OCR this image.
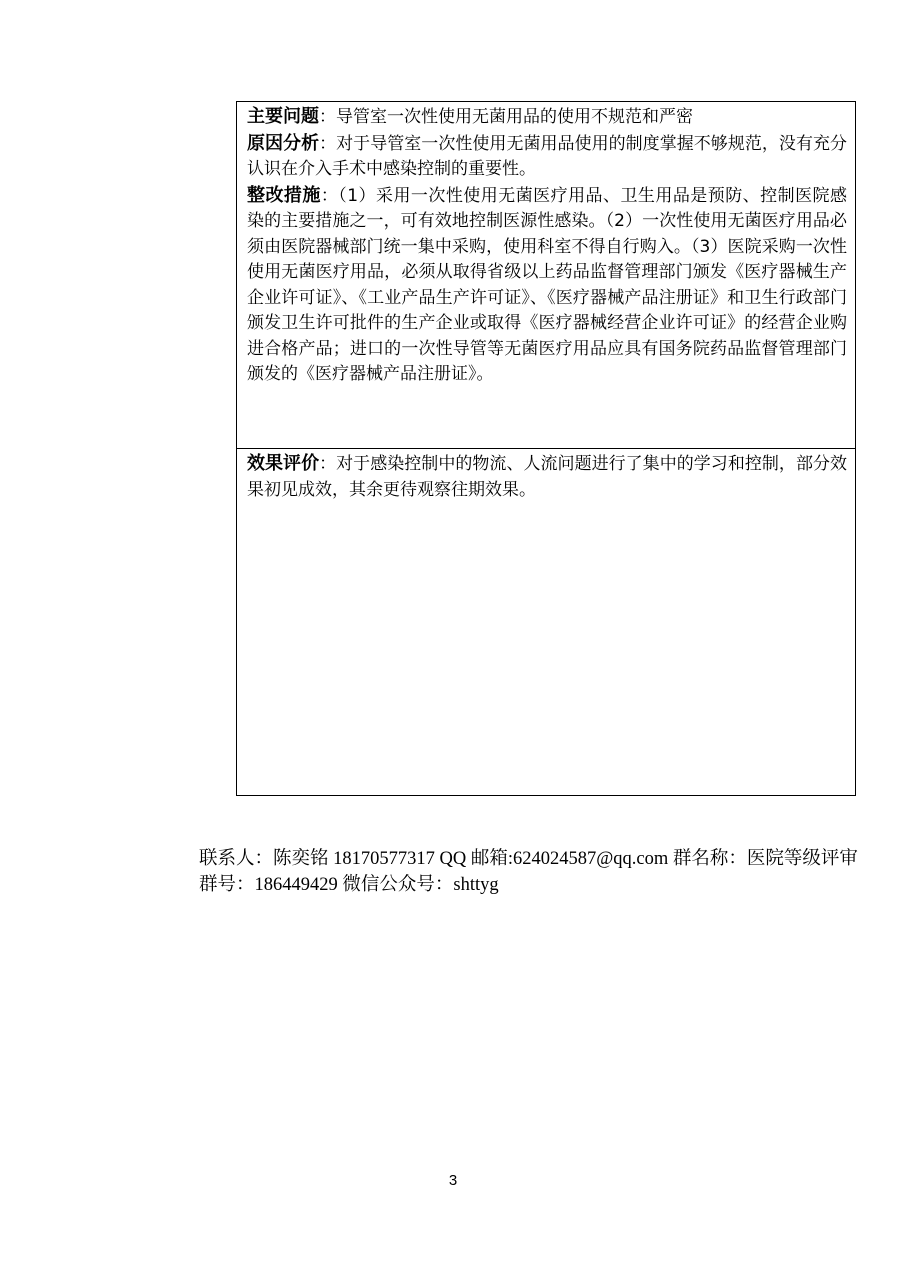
主要问题：导管室一次性使用无菌用品的使用不规范和严密

原因分析：对于导管室一次性使用无菌用品使用的制度掌握不够规范，没有充分认识在介入手术中感染控制的重要性。

整改措施：（1）采用一次性使用无菌医疗用品、卫生用品是预防、控制医院感染的主要措施之一，可有效地控制医源性感染。（2）一次性使用无菌医疗用品必须由医院器械部门统一集中采购，使用科室不得自行购入。（3）医院采购一次性使用无菌医疗用品，必须从取得省级以上药品监督管理部门颁发《医疗器械生产企业许可证》、《工业产品生产许可证》、《医疗器械产品注册证》和卫生行政部门颁发卫生许可批件的生产企业或取得《医疗器械经营企业许可证》的经营企业购进合格产品；进口的一次性导管等无菌医疗用品应具有国务院药品监督管理部门颁发的《医疗器械产品注册证》。

效果评价：对于感染控制中的物流、人流问题进行了集中的学习和控制，部分效果初见成效，其余更待观察往期效果。

联系人：陈奕铭 18170577317 QQ 邮箱:624024587@qq.com 群名称：医院等级评审 群号：186449429 微信公众号：shttyg

3
